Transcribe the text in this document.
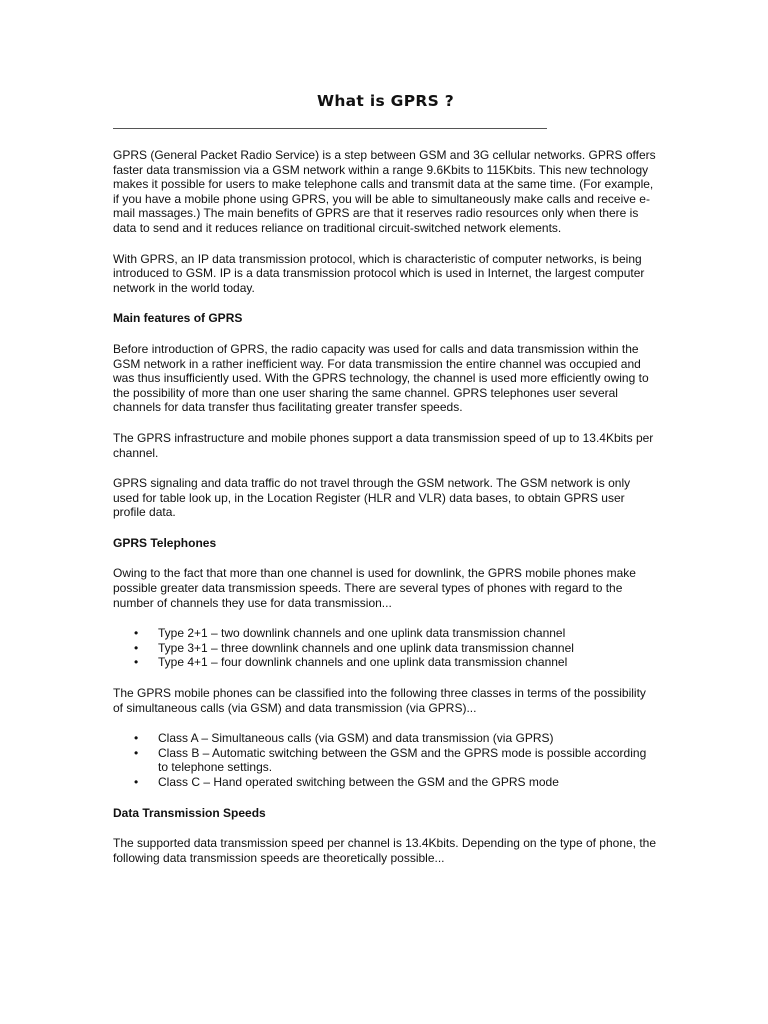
What is GPRS ?

GPRS (General Packet Radio Service) is a step between GSM and 3G cellular networks. GPRS offers faster data transmission via a GSM network within a range 9.6Kbits to 115Kbits. This new technology makes it possible for users to make telephone calls and transmit data at the same time. (For example, if you have a mobile phone using GPRS, you will be able to simultaneously make calls and receive e-mail massages.) The main benefits of GPRS are that it reserves radio resources only when there is data to send and it reduces reliance on traditional circuit-switched network elements.

With GPRS, an IP data transmission protocol, which is characteristic of computer networks, is being introduced to GSM. IP is a data transmission protocol which is used in Internet, the largest computer network in the world today.

Main features of GPRS

Before introduction of GPRS, the radio capacity was used for calls and data transmission within the GSM network in a rather inefficient way. For data transmission the entire channel was occupied and was thus insufficiently used. With the GPRS technology, the channel is used more efficiently owing to the possibility of more than one user sharing the same channel. GPRS telephones user several channels for data transfer thus facilitating greater transfer speeds.

The GPRS infrastructure and mobile phones support a data transmission speed of up to 13.4Kbits per channel.

GPRS signaling and data traffic do not travel through the GSM network. The GSM network is only used for table look up, in the Location Register (HLR and VLR) data bases, to obtain GPRS user profile data.

GPRS Telephones

Owing to the fact that more than one channel is used for downlink, the GPRS mobile phones make possible greater data transmission speeds. There are several types of phones with regard to the number of channels they use for data transmission...

• Type 2+1 – two downlink channels and one uplink data transmission channel
• Type 3+1 – three downlink channels and one uplink data transmission channel
• Type 4+1 – four downlink channels and one uplink data transmission channel

The GPRS mobile phones can be classified into the following three classes in terms of the possibility of simultaneous calls (via GSM) and data transmission (via GPRS)...

• Class A – Simultaneous calls (via GSM) and data transmission (via GPRS)
• Class B – Automatic switching between the GSM and the GPRS mode is possible according to telephone settings.
• Class C – Hand operated switching between the GSM and the GPRS mode
Data Transmission Speeds

The supported data transmission speed per channel is 13.4Kbits. Depending on the type of phone, the following data transmission speeds are theoretically possible...
